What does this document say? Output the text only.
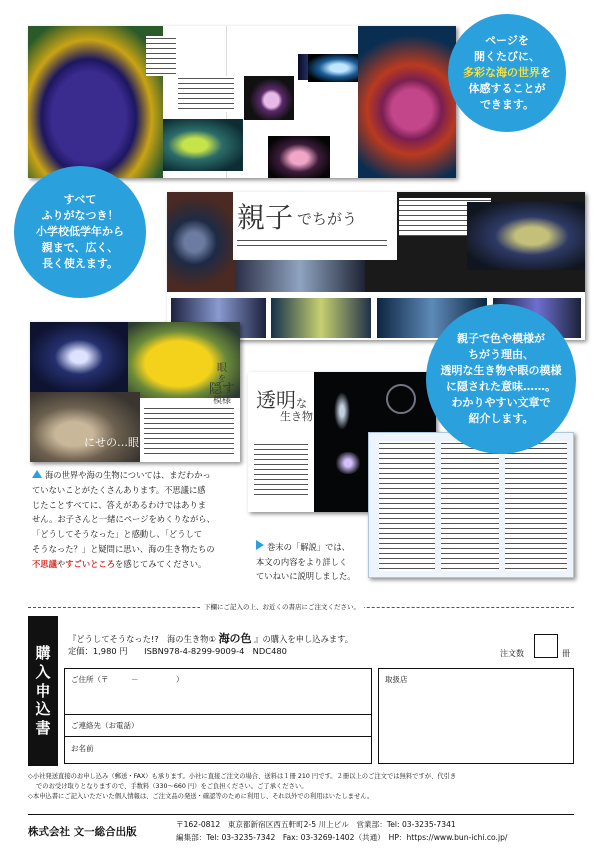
ページを
開くたびに、
多彩な海の世界を
体感することが
できます。
親子 でちがう
すべて
ふりがなつき！
小学校低学年から
親まで、広く、
長く使えます。
にせの…眼
眼
を
隠す
模様	透明な
生き物
親子で色や模様が
ちがう理由、
透明な生き物や眼の模様
に隠された意味……。
わかりやすい文章で
紹介します。
海の世界や海の生物については、まだわかっ
ていないことがたくさんあります。不思議に感
じたことすべてに、答えがあるわけではありま
せん。お子さんと一緒にページをめくりながら、
「どうしてそうなった」と感動し、「どうして
そうなった？」と疑問に思い、海の生き物たちの
不思議やすごいところを感じてみてください。
巻末の「解説」では、
本文の内容をより詳しく
ていねいに説明しました。
下欄にご記入の上、お近くの書店にご注文ください。
購
入
申
込
書
『どうしてそうなった!?　海の生き物① 海の色 』の購入を申し込みます。
定価：1,980 円　　ISBN978-4-8299-9009-4　NDC480	注文数	冊
ご住所（〒　　　－　　　　　）
ご連絡先（お電話）
お名前
取扱店
◇小社発送直接のお申し込み（郵送・FAX）も承ります。小社に直接ご注文の場合、送料は１冊 210 円です。２冊以上のご注文では無料ですが、代引き
でのお受け取りとなりますので、手数料（330～660 円）をご負担ください。ご了承ください。
◇本申込書にご記入いただいた個人情報は、ご注文品の発送・確認等のために利用し、それ以外での利用はいたしません。
株式会社 文一総合出版
〒162-0812　東京都新宿区西五軒町2-5 川上ビル　営業部：Tel: 03-3235-7341
編集部：Tel: 03-3235-7342　Fax: 03-3269-1402（共通）　HP：https://www.bun-ichi.co.jp/
